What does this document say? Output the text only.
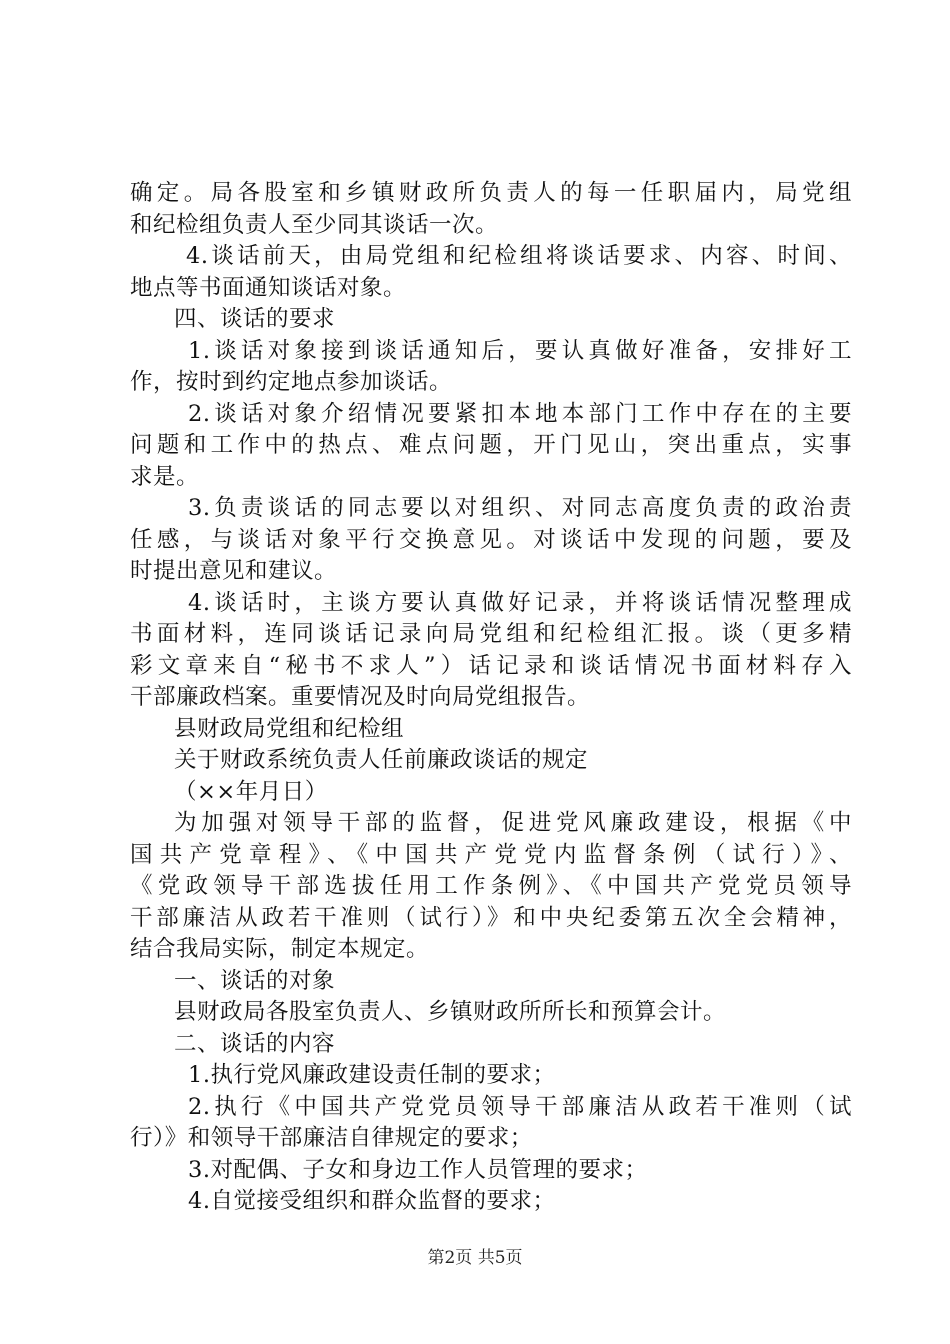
确定。局各股室和乡镇财政所负责人的每一任职届内，局党组
和纪检组负责人至少同其谈话一次。
4.谈话前天，由局党组和纪检组将谈话要求、内容、时间、
地点等书面通知谈话对象。
四、谈话的要求
1.谈话对象接到谈话通知后，要认真做好准备，安排好工
作，按时到约定地点参加谈话。
2.谈话对象介绍情况要紧扣本地本部门工作中存在的主要
问题和工作中的热点、难点问题，开门见山，突出重点，实事
求是。
3.负责谈话的同志要以对组织、对同志高度负责的政治责
任感，与谈话对象平行交换意见。对谈话中发现的问题，要及
时提出意见和建议。
4.谈话时，主谈方要认真做好记录，并将谈话情况整理成
书面材料，连同谈话记录向局党组和纪检组汇报。谈（更多精
彩文章来自“秘书不求人”）话记录和谈话情况书面材料存入
干部廉政档案。重要情况及时向局党组报告。
县财政局党组和纪检组
关于财政系统负责人任前廉政谈话的规定
（××年月日）
为加强对领导干部的监督，促进党风廉政建设，根据《中
国共产党章程》、《中国共产党党内监督条例（试行）》、
《党政领导干部选拔任用工作条例》、《中国共产党党员领导
干部廉洁从政若干准则（试行）》和中央纪委第五次全会精神，
结合我局实际，制定本规定。
一、谈话的对象
县财政局各股室负责人、乡镇财政所所长和预算会计。
二、谈话的内容
1.执行党风廉政建设责任制的要求；
2.执行《中国共产党党员领导干部廉洁从政若干准则（试
行）》和领导干部廉洁自律规定的要求；
3.对配偶、子女和身边工作人员管理的要求；
4.自觉接受组织和群众监督的要求；
第2页 共5页
